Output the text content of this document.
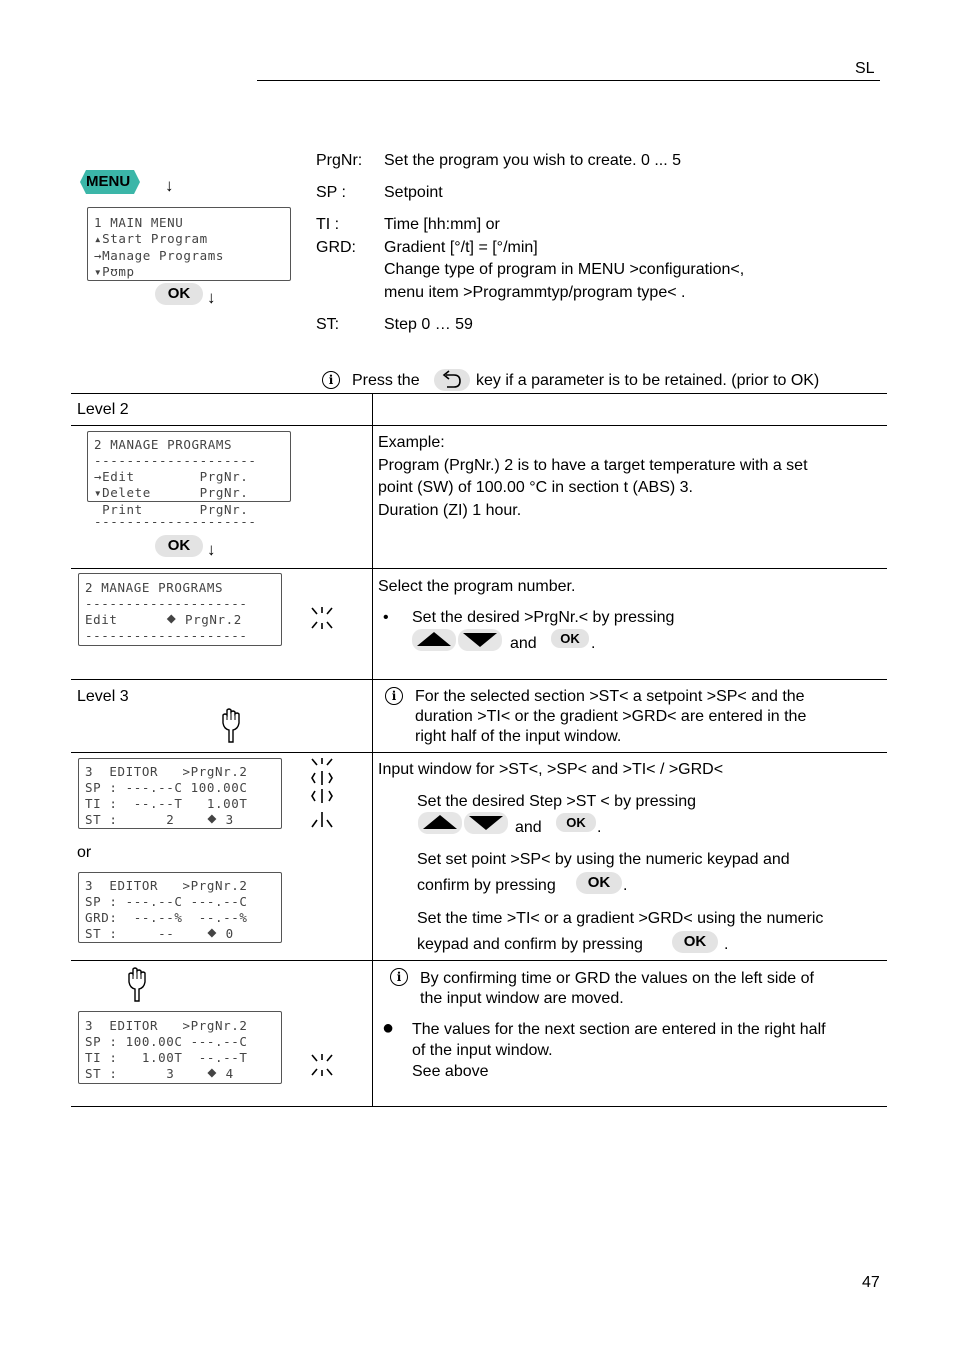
SL
MENU ↓
1 MAIN MENU
▴Start Program
→Manage Programs
▾Pʊmp
OK ↓
PrgNr: Set the program you wish to create. 0 ... 5
SP : Setpoint
TI :	Time [hh:mm] or
GRD: Gradient [°/t] = [°/min]
Change type of program in MENU >configuration<,
menu item >Programmtyp/program type< .
ST:	Step 0 … 59
i	Press the	key if a parameter is to be retained. (prior to OK)
Level 2
2 MANAGE PROGRAMS
--------------------
→Edit        PrgNr.
▾Delete      PrgNr.
Print       PrgNr.
--------------------
OK ↓
Example:
Program (PrgNr.) 2 is to have a target temperature with a set
point (SW) of 100.00 °C in section t (ABS) 3.
Duration (ZI) 1 hour.
2 MANAGE PROGRAMS
--------------------
Edit      ⯁ PrgNr.2
--------------------
Select the program number.
• Set the desired >PrgNr.< by pressing
and	OK .
Level 3	i	For the selected section >ST< a setpoint >SP< and the
duration >TI< or the gradient >GRD< are entered in the
right half of the input window.
3  EDITOR   >PrgNr.2
SP : ---.--C 100.00C
TI :  --.--T   1.00T
ST :      2    ⯁ 3
or
3  EDITOR   >PrgNr.2
SP : ---.--C ---.--C
GRD:  --.--%  --.--%
ST :     --    ⯁ 0
Input window for >ST<, >SP< and >TI< / >GRD<
Set the desired Step >ST < by pressing
and	OK .
Set set point >SP< by using the numeric keypad and
confirm by pressing	OK .
Set the time >TI< or a gradient >GRD< using the numeric
keypad and confirm by pressing	OK	.
3  EDITOR   >PrgNr.2
SP : 100.00C ---.--C
TI :   1.00T  --.--T
ST :      3    ⯁ 4
i	By confirming time or GRD the values on the left side of
the input window are moved.
● The values for the next section are entered in the right half
of the input window.
See above
47
